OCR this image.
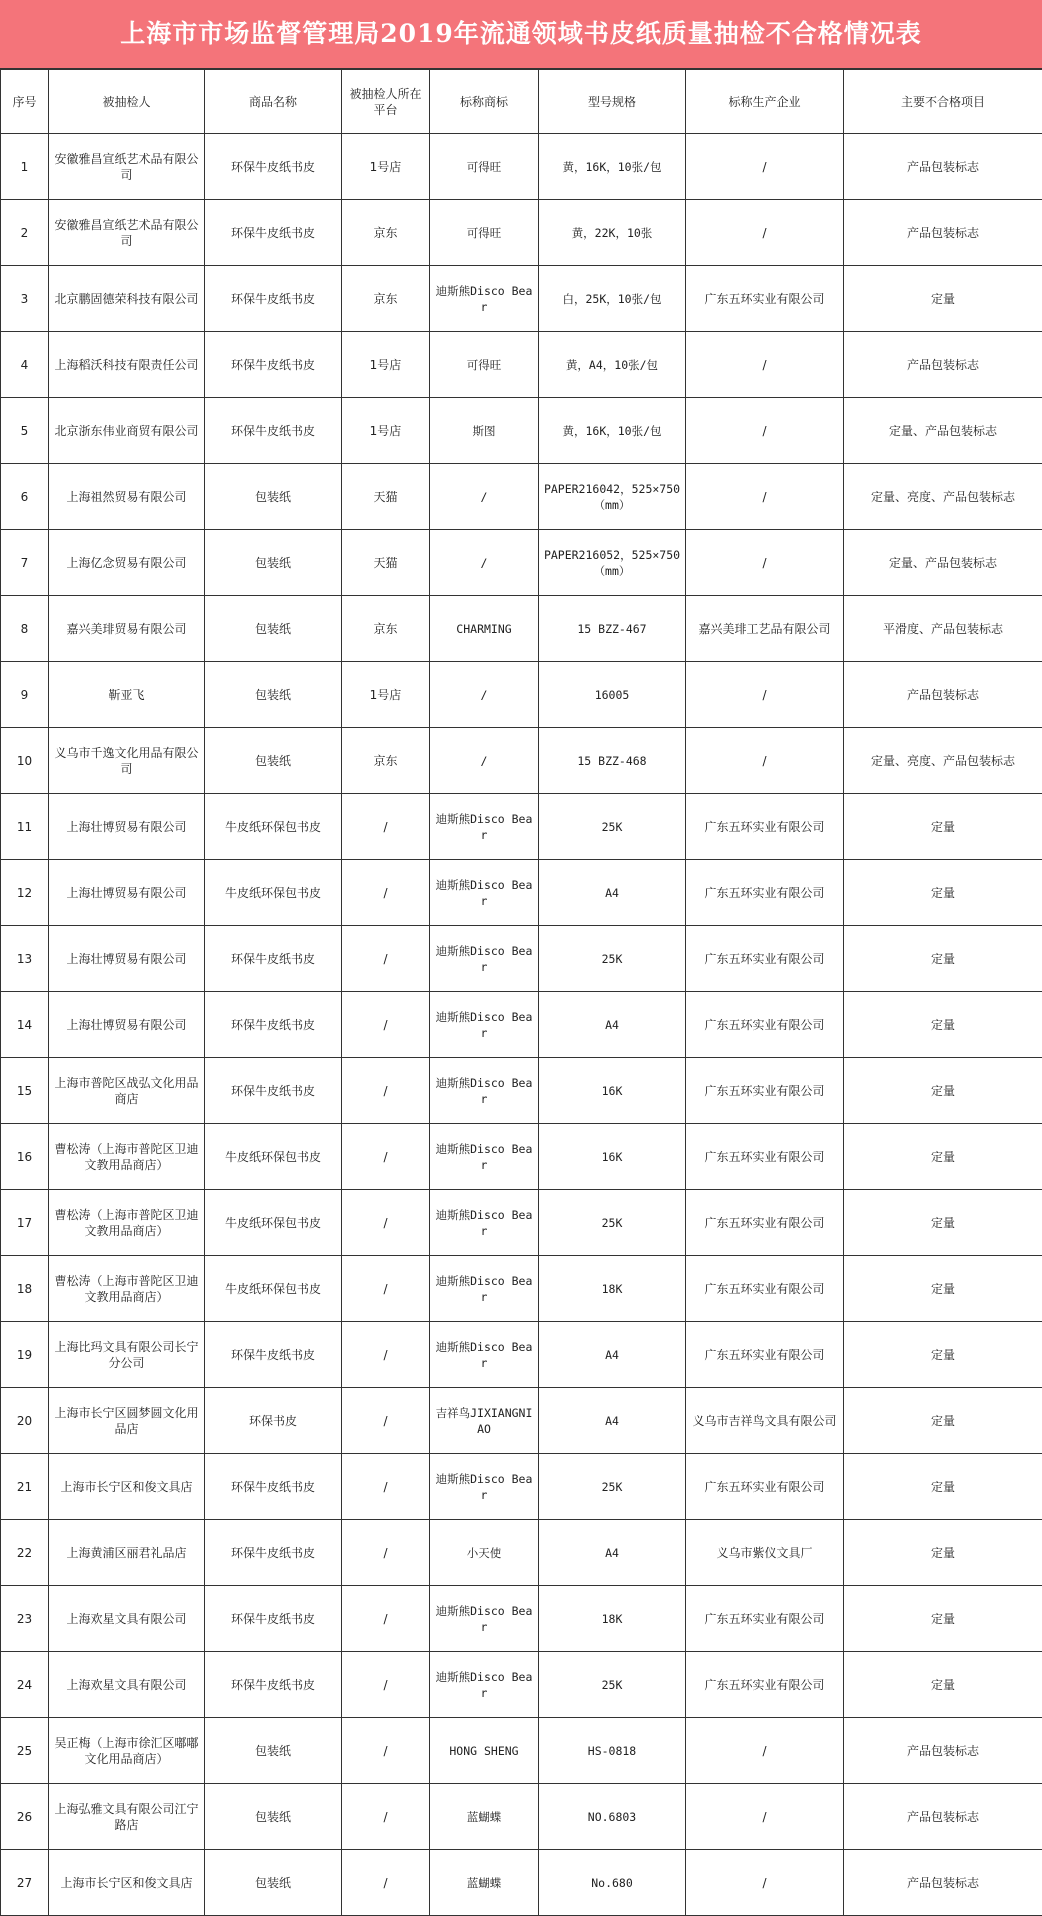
上海市市场监督管理局2019年流通领域书皮纸质量抽检不合格情况表
序号	被抽检人	商品名称	被抽检人所在平台	标称商标	型号规格	标称生产企业	主要不合格项目
1	安徽雅昌宣纸艺术品有限公司	环保牛皮纸书皮	1号店	可得旺	黄，16K，10张/包	/	产品包装标志
2	安徽雅昌宣纸艺术品有限公司	环保牛皮纸书皮	京东	可得旺	黄，22K，10张	/	产品包装标志
3	北京鹏固德荣科技有限公司	环保牛皮纸书皮	京东	迪斯熊Disco Bear	白，25K，10张/包	广东五环实业有限公司	定量
4	上海稻沃科技有限责任公司	环保牛皮纸书皮	1号店	可得旺	黄，A4，10张/包	/	产品包装标志
5	北京浙东伟业商贸有限公司	环保牛皮纸书皮	1号店	斯图	黄，16K，10张/包	/	定量、产品包装标志
6	上海祖然贸易有限公司	包装纸	天猫	/	PAPER216042，525×750（mm）	/	定量、亮度、产品包装标志
7	上海亿念贸易有限公司	包装纸	天猫	/	PAPER216052，525×750（mm）	/	定量、产品包装标志
8	嘉兴美琲贸易有限公司	包装纸	京东	CHARMING	15 BZZ-467	嘉兴美琲工艺品有限公司	平滑度、产品包装标志
9	靳亚飞	包装纸	1号店	/	16005	/	产品包装标志
10	义乌市千逸文化用品有限公司	包装纸	京东	/	15 BZZ-468	/	定量、亮度、产品包装标志
11	上海壮博贸易有限公司	牛皮纸环保包书皮	/	迪斯熊Disco Bear	25K	广东五环实业有限公司	定量
12	上海壮博贸易有限公司	牛皮纸环保包书皮	/	迪斯熊Disco Bear	A4	广东五环实业有限公司	定量
13	上海壮博贸易有限公司	环保牛皮纸书皮	/	迪斯熊Disco Bear	25K	广东五环实业有限公司	定量
14	上海壮博贸易有限公司	环保牛皮纸书皮	/	迪斯熊Disco Bear	A4	广东五环实业有限公司	定量
15	上海市普陀区战弘文化用品商店	环保牛皮纸书皮	/	迪斯熊Disco Bear	16K	广东五环实业有限公司	定量
16	曹松涛（上海市普陀区卫迪文教用品商店）	牛皮纸环保包书皮	/	迪斯熊Disco Bear	16K	广东五环实业有限公司	定量
17	曹松涛（上海市普陀区卫迪文教用品商店）	牛皮纸环保包书皮	/	迪斯熊Disco Bear	25K	广东五环实业有限公司	定量
18	曹松涛（上海市普陀区卫迪文教用品商店）	牛皮纸环保包书皮	/	迪斯熊Disco Bear	18K	广东五环实业有限公司	定量
19	上海比玛文具有限公司长宁分公司	环保牛皮纸书皮	/	迪斯熊Disco Bear	A4	广东五环实业有限公司	定量
20	上海市长宁区圆梦圆文化用品店	环保书皮	/	吉祥鸟JIXIANGNIAO	A4	义乌市吉祥鸟文具有限公司	定量
21	上海市长宁区和俊文具店	环保牛皮纸书皮	/	迪斯熊Disco Bear	25K	广东五环实业有限公司	定量
22	上海黄浦区丽君礼品店	环保牛皮纸书皮	/	小天使	A4	义乌市紫仪文具厂	定量
23	上海欢星文具有限公司	环保牛皮纸书皮	/	迪斯熊Disco Bear	18K	广东五环实业有限公司	定量
24	上海欢星文具有限公司	环保牛皮纸书皮	/	迪斯熊Disco Bear	25K	广东五环实业有限公司	定量
25	吴正梅（上海市徐汇区嘟嘟文化用品商店）	包装纸	/	HONG SHENG	HS-0818	/	产品包装标志
26	上海弘雅文具有限公司江宁路店	包装纸	/	蓝蝴蝶	NO.6803	/	产品包装标志
27	上海市长宁区和俊文具店	包装纸	/	蓝蝴蝶	No.680	/	产品包装标志
